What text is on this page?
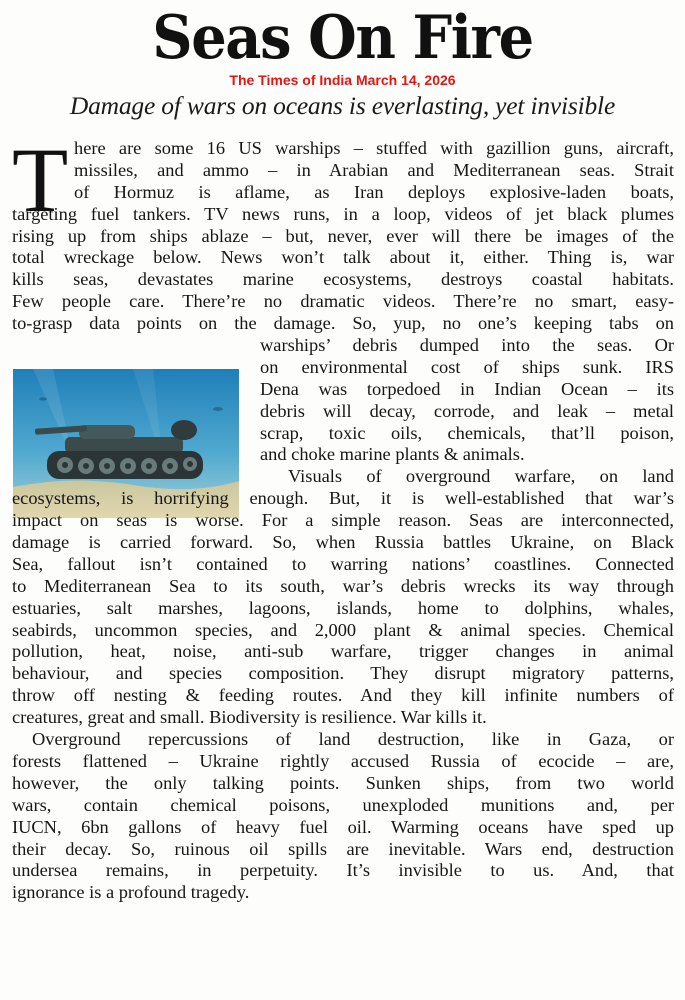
Seas On Fire
The Times of India March 14, 2026
Damage of wars on oceans is everlasting, yet invisible
T here are some 16 US warships – stuffed with gazillion guns, aircraft,
missiles, and ammo – in Arabian and Mediterranean seas. Strait
of Hormuz is aflame, as Iran deploys explosive-laden boats,
targeting fuel tankers. TV news runs, in a loop, videos of jet black plumes
rising up from ships ablaze – but, never, ever will there be images of the
total wreckage below. News won’t talk about it, either. Thing is, war
kills seas, devastates marine ecosystems, destroys coastal habitats.
Few people care. There’re no dramatic videos. There’re no smart, easy-
to-grasp data points on the damage. So, yup, no one’s keeping tabs on
warships’ debris dumped into the seas. Or
on environmental cost of ships sunk. IRS
Dena was torpedoed in Indian Ocean – its
debris will decay, corrode, and leak – metal
scrap, toxic oils, chemicals, that’ll poison,
and choke marine plants & animals.
Visuals of overground warfare, on land
ecosystems, is horrifying enough. But, it is well-established that war’s
impact on seas is worse. For a simple reason. Seas are interconnected,
damage is carried forward. So, when Russia battles Ukraine, on Black
Sea, fallout isn’t contained to warring nations’ coastlines. Connected
to Mediterranean Sea to its south, war’s debris wrecks its way through
estuaries, salt marshes, lagoons, islands, home to dolphins, whales,
seabirds, uncommon species, and 2,000 plant & animal species. Chemical
pollution, heat, noise, anti-sub warfare, trigger changes in animal
behaviour, and species composition. They disrupt migratory patterns,
throw off nesting & feeding routes. And they kill infinite numbers of
creatures, great and small. Biodiversity is resilience. War kills it.
Overground repercussions of land destruction, like in Gaza, or
forests flattened – Ukraine rightly accused Russia of ecocide – are,
however, the only talking points. Sunken ships, from two world
wars, contain chemical poisons, unexploded munitions and, per
IUCN, 6bn gallons of heavy fuel oil. Warming oceans have sped up
their decay. So, ruinous oil spills are inevitable. Wars end, destruction
undersea remains, in perpetuity. It’s invisible to us. And, that
ignorance is a profound tragedy.
